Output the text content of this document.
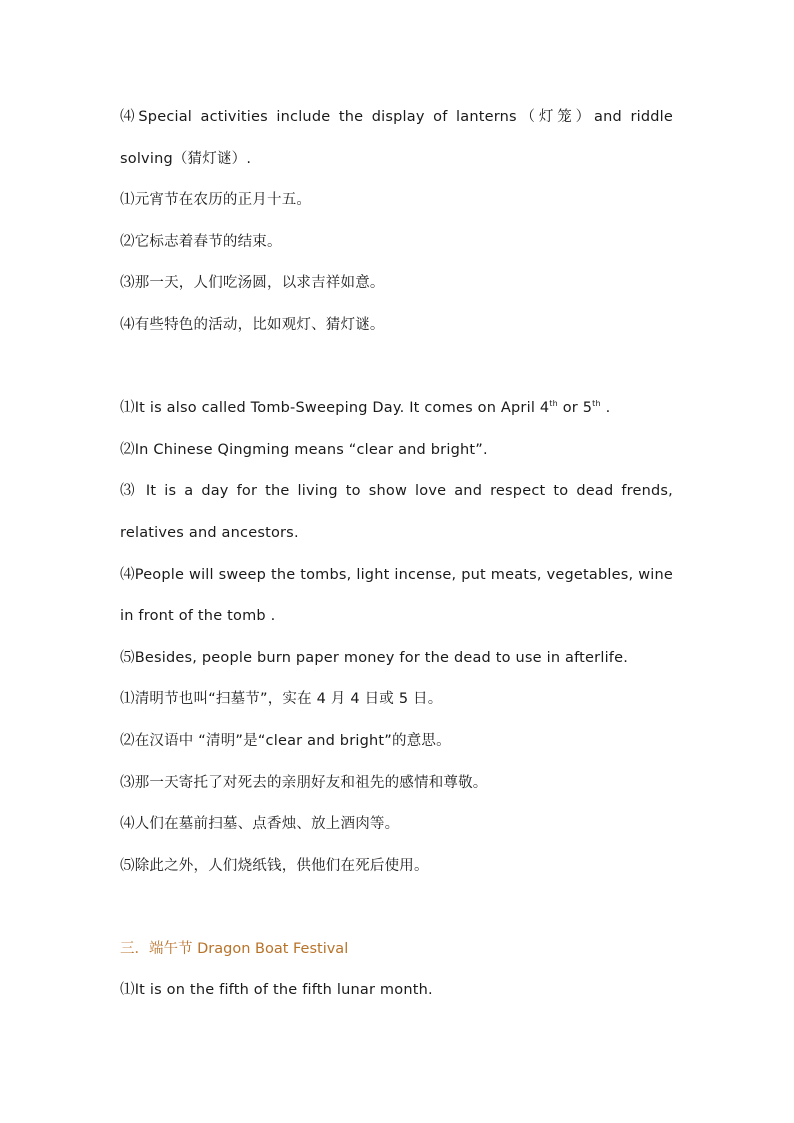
⑷Special activities include the display of lanterns（灯笼）and riddle
solving（猜灯谜）.
⑴元宵节在农历的正月十五。
⑵它标志着春节的结束。
⑶那一天，人们吃汤圆，以求吉祥如意。
⑷有些特色的活动，比如观灯、猜灯谜。
⑴It is also called Tomb-Sweeping Day. It comes on April 4th or 5th .
⑵In Chinese Qingming means “clear and bright”.
⑶ It is a day for the living to show love and respect to dead frends, relatives and ancestors.
⑷People will sweep the tombs, light incense, put meats, vegetables, wine in front of the tomb .
⑸Besides, people burn paper money for the dead to use in afterlife.
⑴清明节也叫“扫墓节”，实在 4 月 4 日或 5 日。
⑵在汉语中 “清明”是“clear and bright”的意思。
⑶那一天寄托了对死去的亲朋好友和祖先的感情和尊敬。
⑷人们在墓前扫墓、点香烛、放上酒肉等。
⑸除此之外，人们烧纸钱，供他们在死后使用。
三．端午节 Dragon Boat Festival
⑴It is on the fifth of the fifth lunar month.
